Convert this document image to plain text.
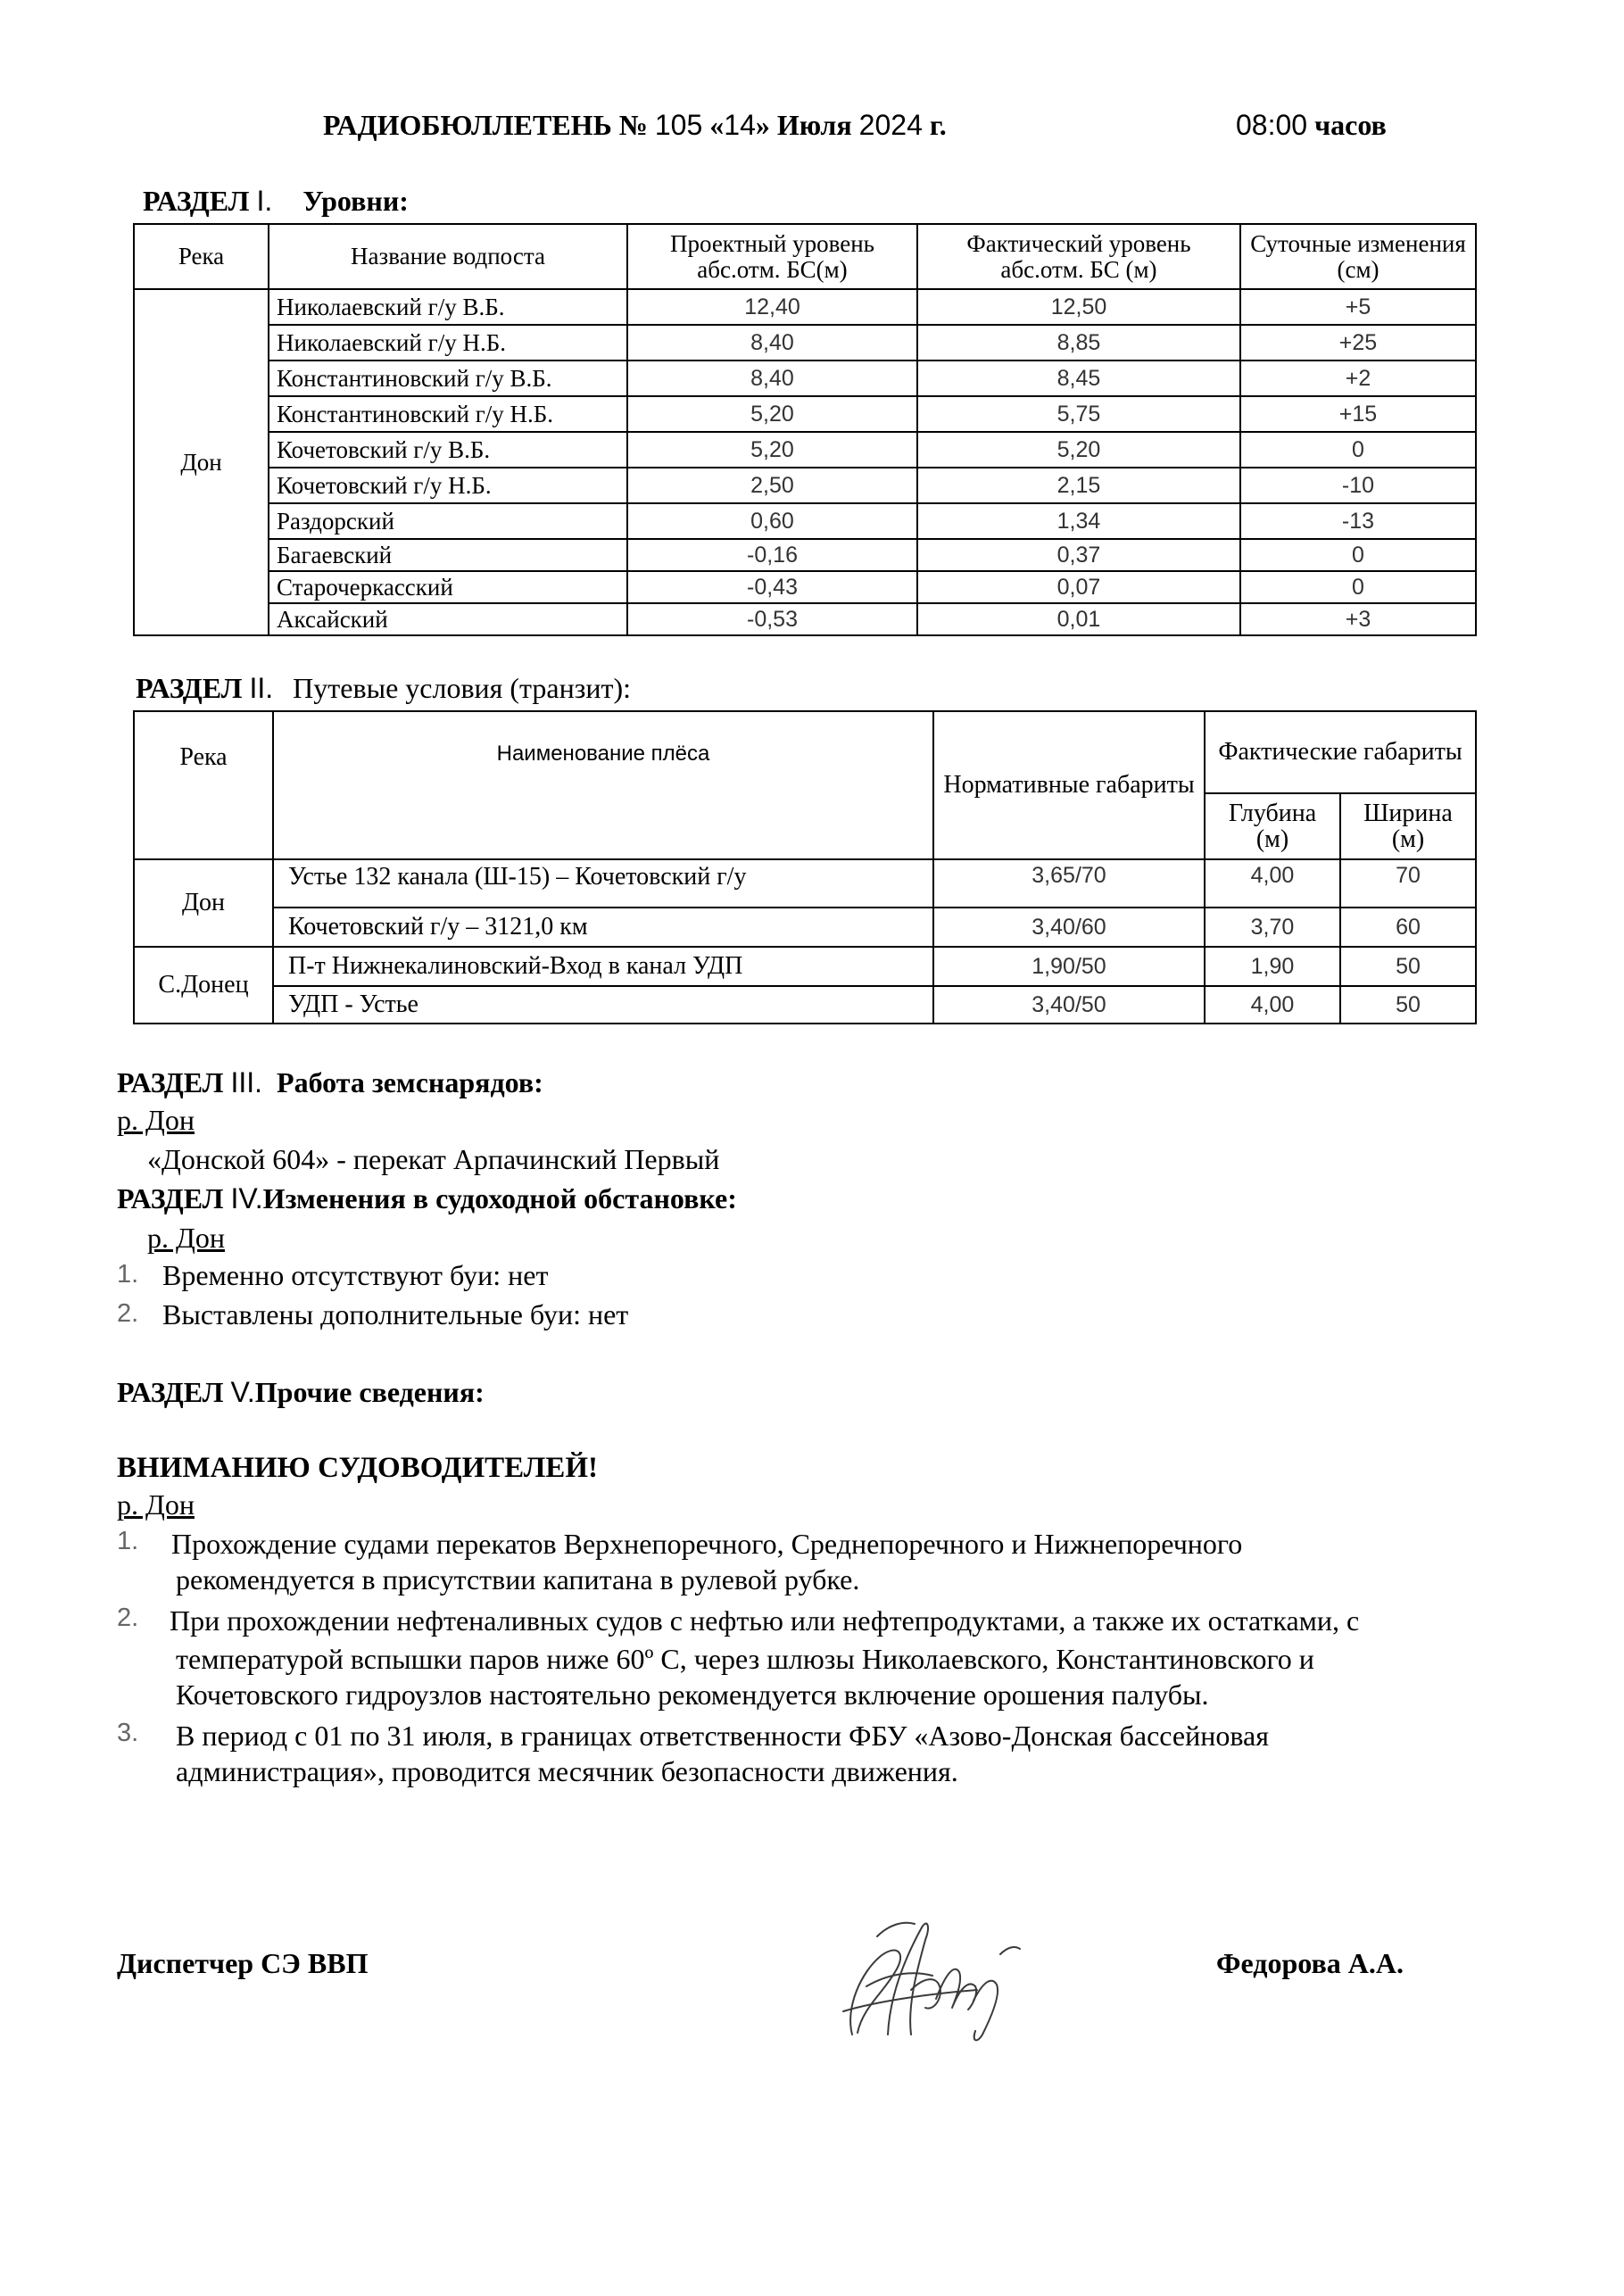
РАДИОБЮЛЛЕТЕНЬ № 105 «14» Июля 2024 г.	08:00 часов
РАЗДЕЛ I. Уровни:
Река	Название водпоста	Проектный уровень абс.отм. БС(м)	Фактический уровень абс.отм. БС (м)	Суточные изменения (см)
Дон	Николаевский г/у В.Б.	12,40	12,50	+5
	Николаевский г/у Н.Б.	8,40	8,85	+25
	Константиновский г/у В.Б.	8,40	8,45	+2
	Константиновский г/у Н.Б.	5,20	5,75	+15
	Кочетовский г/у В.Б.	5,20	5,20	0
	Кочетовский г/у Н.Б.	2,50	2,15	-10
	Раздорский	0,60	1,34	-13
	Багаевский	-0,16	0,37	0
	Старочеркасский	-0,43	0,07	0
	Аксайский	-0,53	0,01	+3
РАЗДЕЛ II. Путевые условия (транзит):
Река	Наименование плёса	Нормативные габариты	Фактические габариты	
			Глубина (м)	Ширина (м)
Дон	Устье 132 канала (Ш-15) – Кочетовский г/у	3,65/70	4,00	70
	Кочетовский г/у – 3121,0 км	3,40/60	3,70	60
С.Донец	П-т Нижнекалиновский-Вход в канал УДП	1,90/50	1,90	50
	УДП - Устье	3,40/50	4,00	50
РАЗДЕЛ III. Работа земснарядов:
р. Дон
«Донской 604» - перекат Арпачинский Первый
РАЗДЕЛ IV.Изменения в судоходной обстановке:
р. Дон
1. Временно отсутствуют буи: нет
2. Выставлены дополнительные буи: нет
РАЗДЕЛ V.Прочие сведения:
ВНИМАНИЮ СУДОВОДИТЕЛЕЙ!
р. Дон
1. Прохождение судами перекатов Верхнепоречного, Среднепоречного и Нижнепоречного
рекомендуется в присутствии капитана в рулевой рубке.
2. При прохождении нефтеналивных судов с нефтью или нефтепродуктами, а также их остатками, с
температурой вспышки паров ниже 60º С, через шлюзы Николаевского, Константиновского и
Кочетовского гидроузлов настоятельно рекомендуется включение орошения палубы.
3. В период с 01 по 31 июля, в границах ответственности ФБУ «Азово-Донская бассейновая
администрация», проводится месячник безопасности движения.
Диспетчер СЭ ВВП	Федорова А.А.
